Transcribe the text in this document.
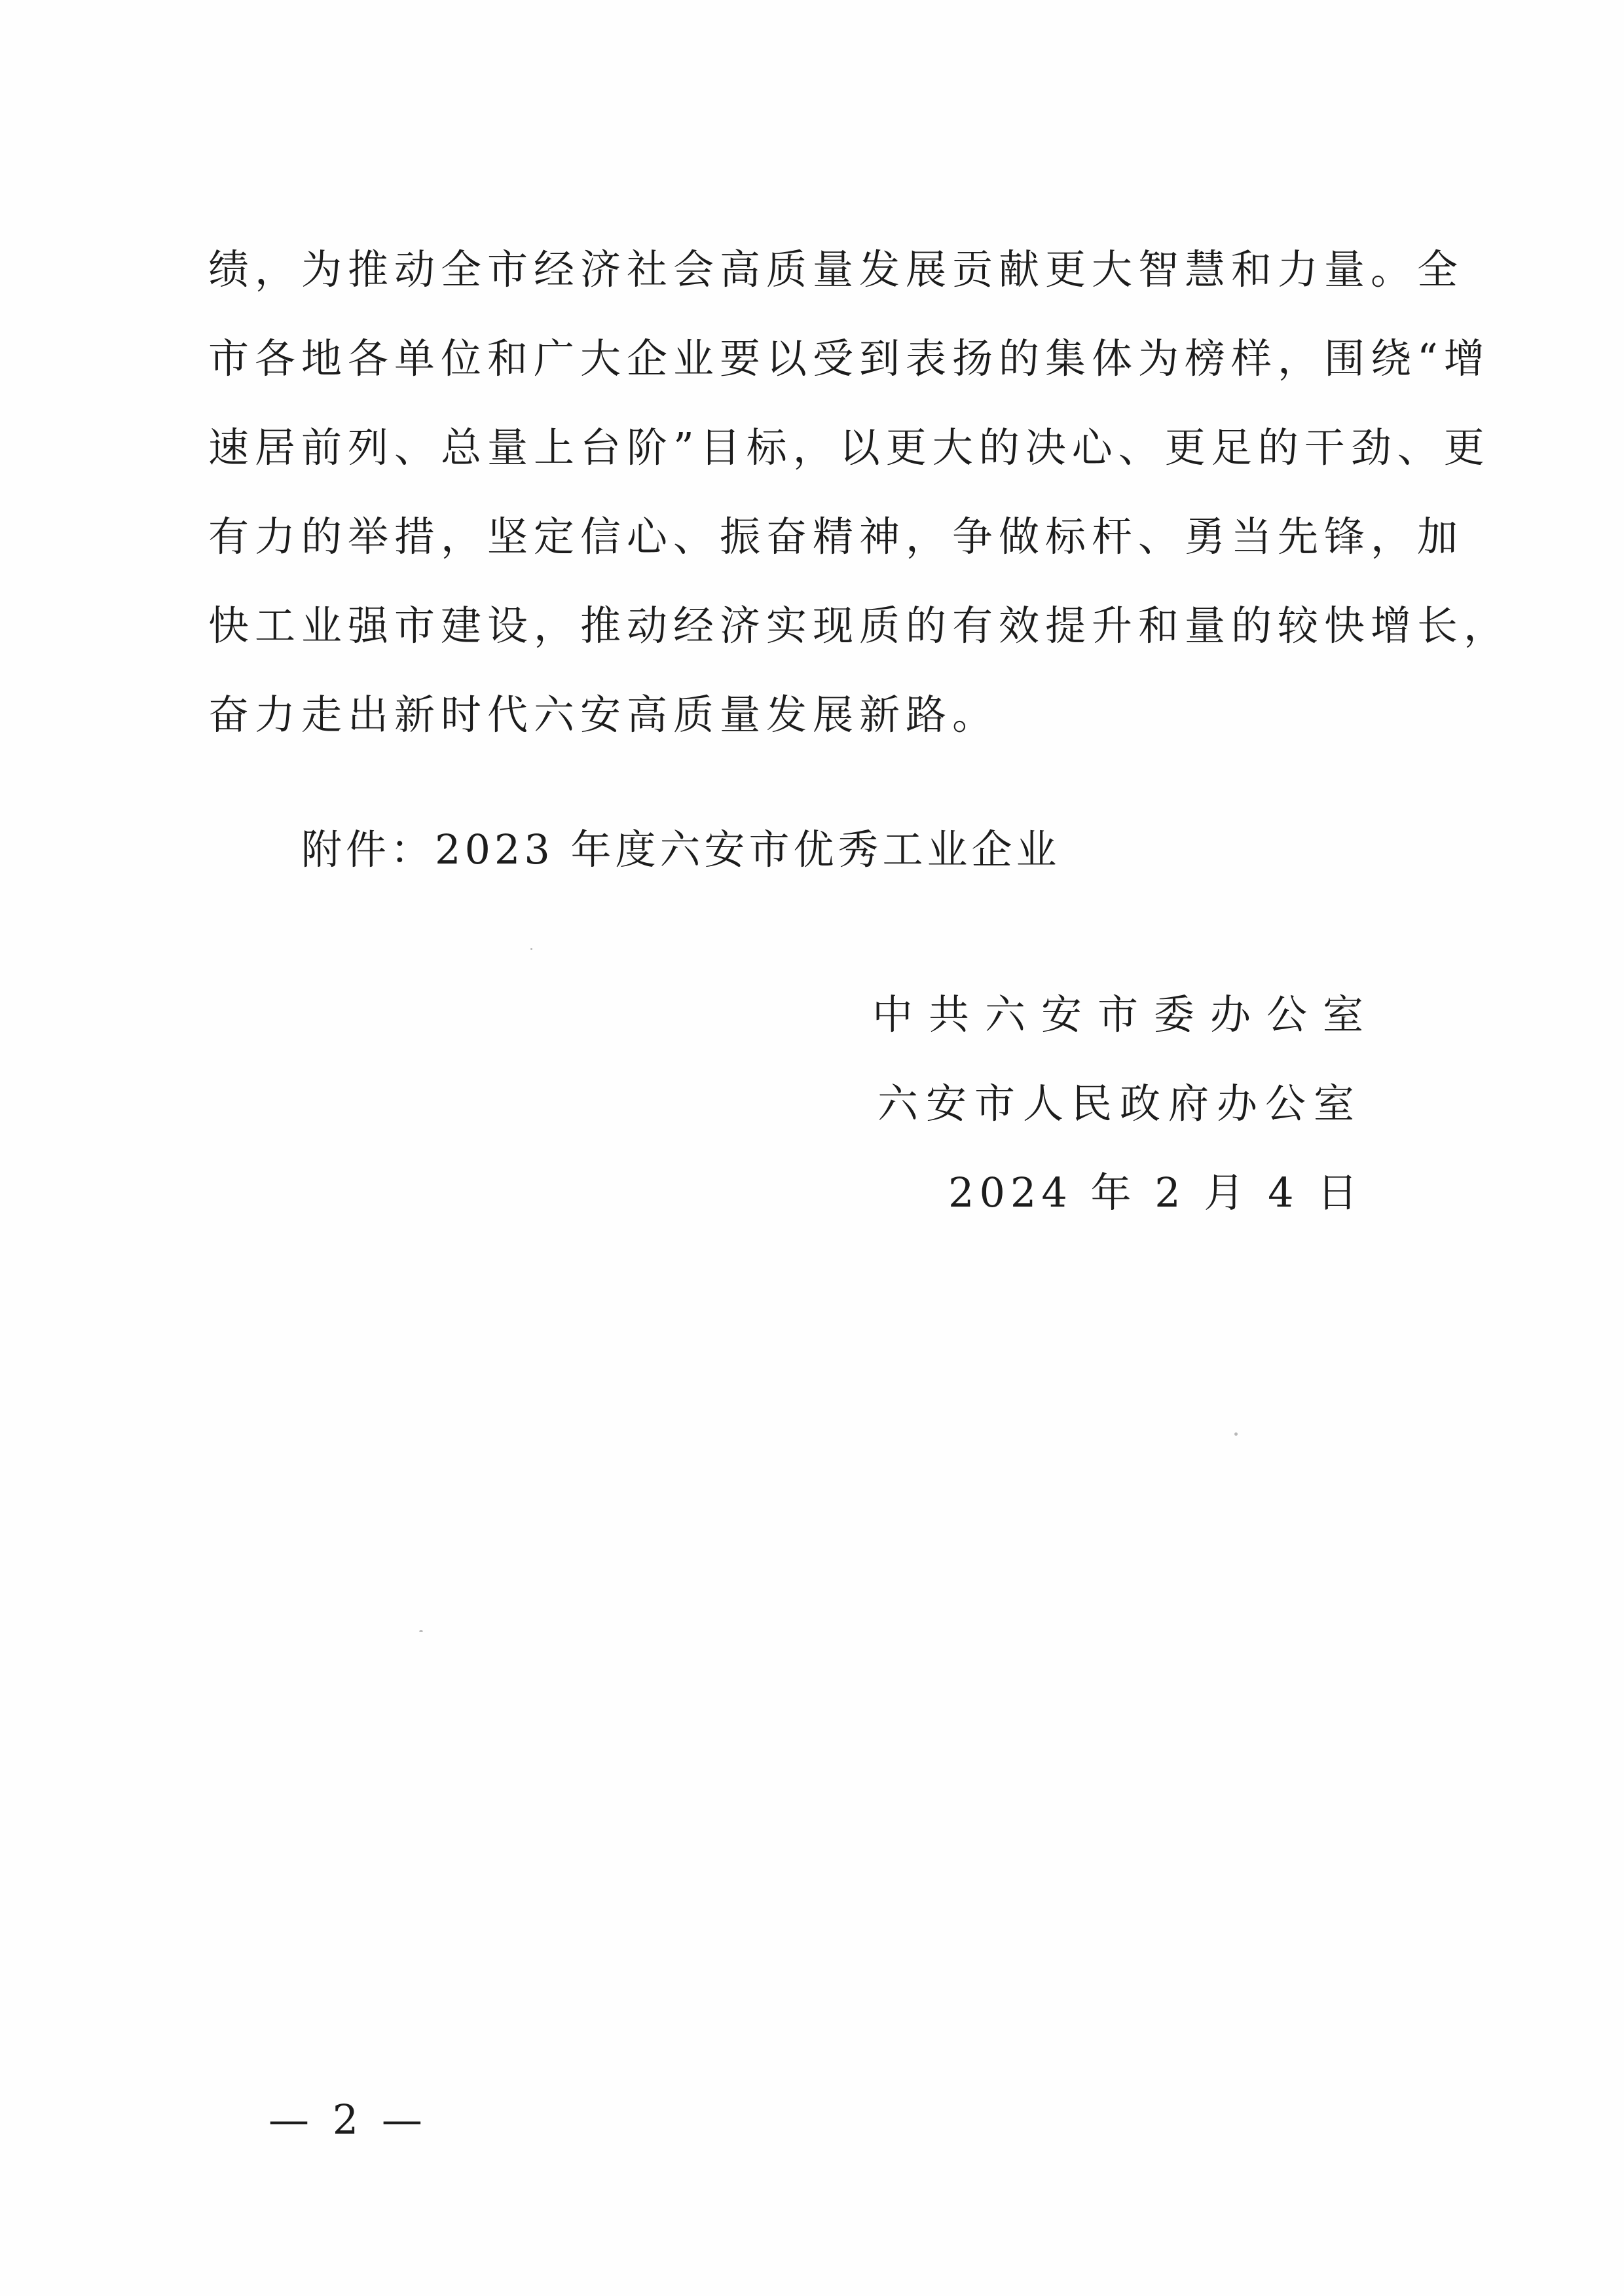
绩，为推动全市经济社会高质量发展贡献更大智慧和力量。全
市各地各单位和广大企业要以受到表扬的集体为榜样，围绕“增
速居前列、总量上台阶”目标，以更大的决心、更足的干劲、更
有力的举措，坚定信心、振奋精神，争做标杆、勇当先锋，加
快工业强市建设，推动经济实现质的有效提升和量的较快增长，
奋力走出新时代六安高质量发展新路。
附件：2023 年度六安市优秀工业企业
中共六安市委办公室
六安市人民政府办公室
2024 年 2 月 4 日
— 2 —
